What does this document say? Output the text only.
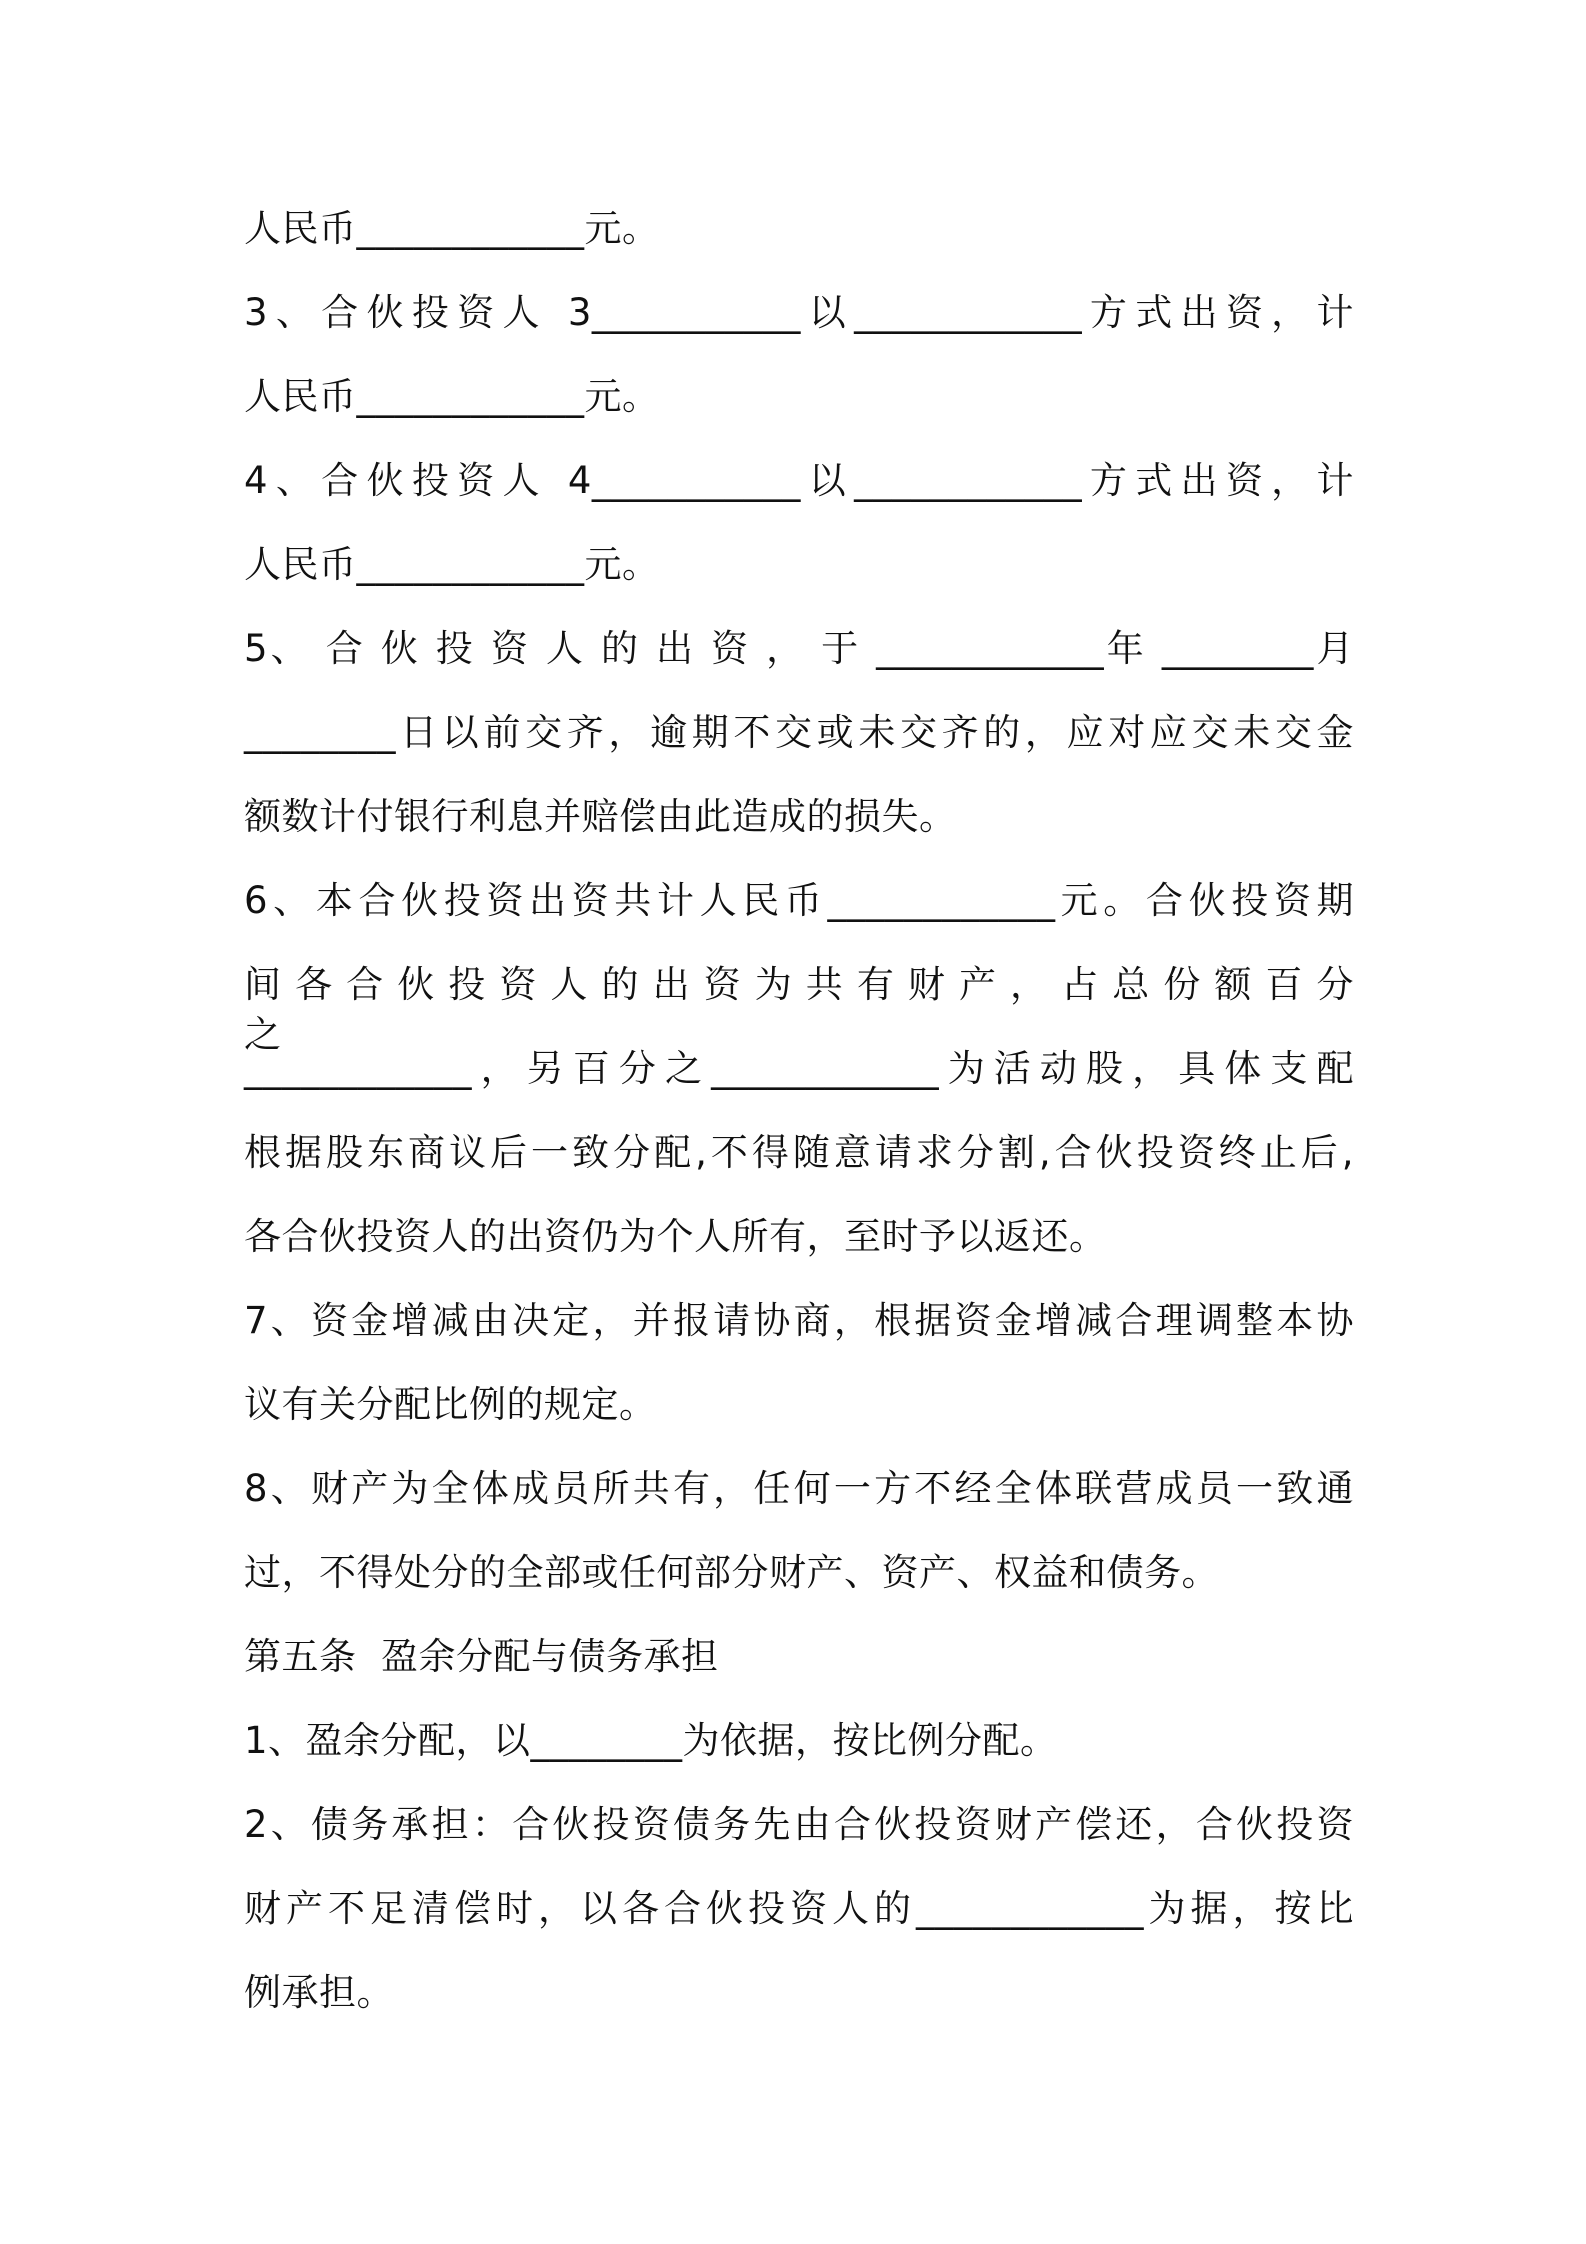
人民币____________元。
3、合伙投资人 3___________以____________方式出资，计
人民币____________元。
4、合伙投资人 4___________以____________方式出资，计
人民币____________元。
5、 合 伙 投 资 人 的 出 资 ， 于 ____________年 ________月
________日以前交齐，逾期不交或未交齐的，应对应交未交金
额数计付银行利息并赔偿由此造成的损失。
6、本合伙投资出资共计人民币____________元。合伙投资期
间 各 合 伙 投 资 人 的 出 资 为 共 有 财 产 ， 占 总 份 额 百 分 之
____________，另百分之____________为活动股，具体支配
根据股东商议后一致分配,不得随意请求分割,合伙投资终止后,
各合伙投资人的出资仍为个人所有，至时予以返还。
7、资金增减由决定，并报请协商，根据资金增减合理调整本协
议有关分配比例的规定。
8、财产为全体成员所共有，任何一方不经全体联营成员一致通
过，不得处分的全部或任何部分财产、资产、权益和债务。
第五条  盈余分配与债务承担
1、盈余分配，以________为依据，按比例分配。
2、债务承担：合伙投资债务先由合伙投资财产偿还，合伙投资
财产不足清偿时，以各合伙投资人的____________为据，按比
例承担。
